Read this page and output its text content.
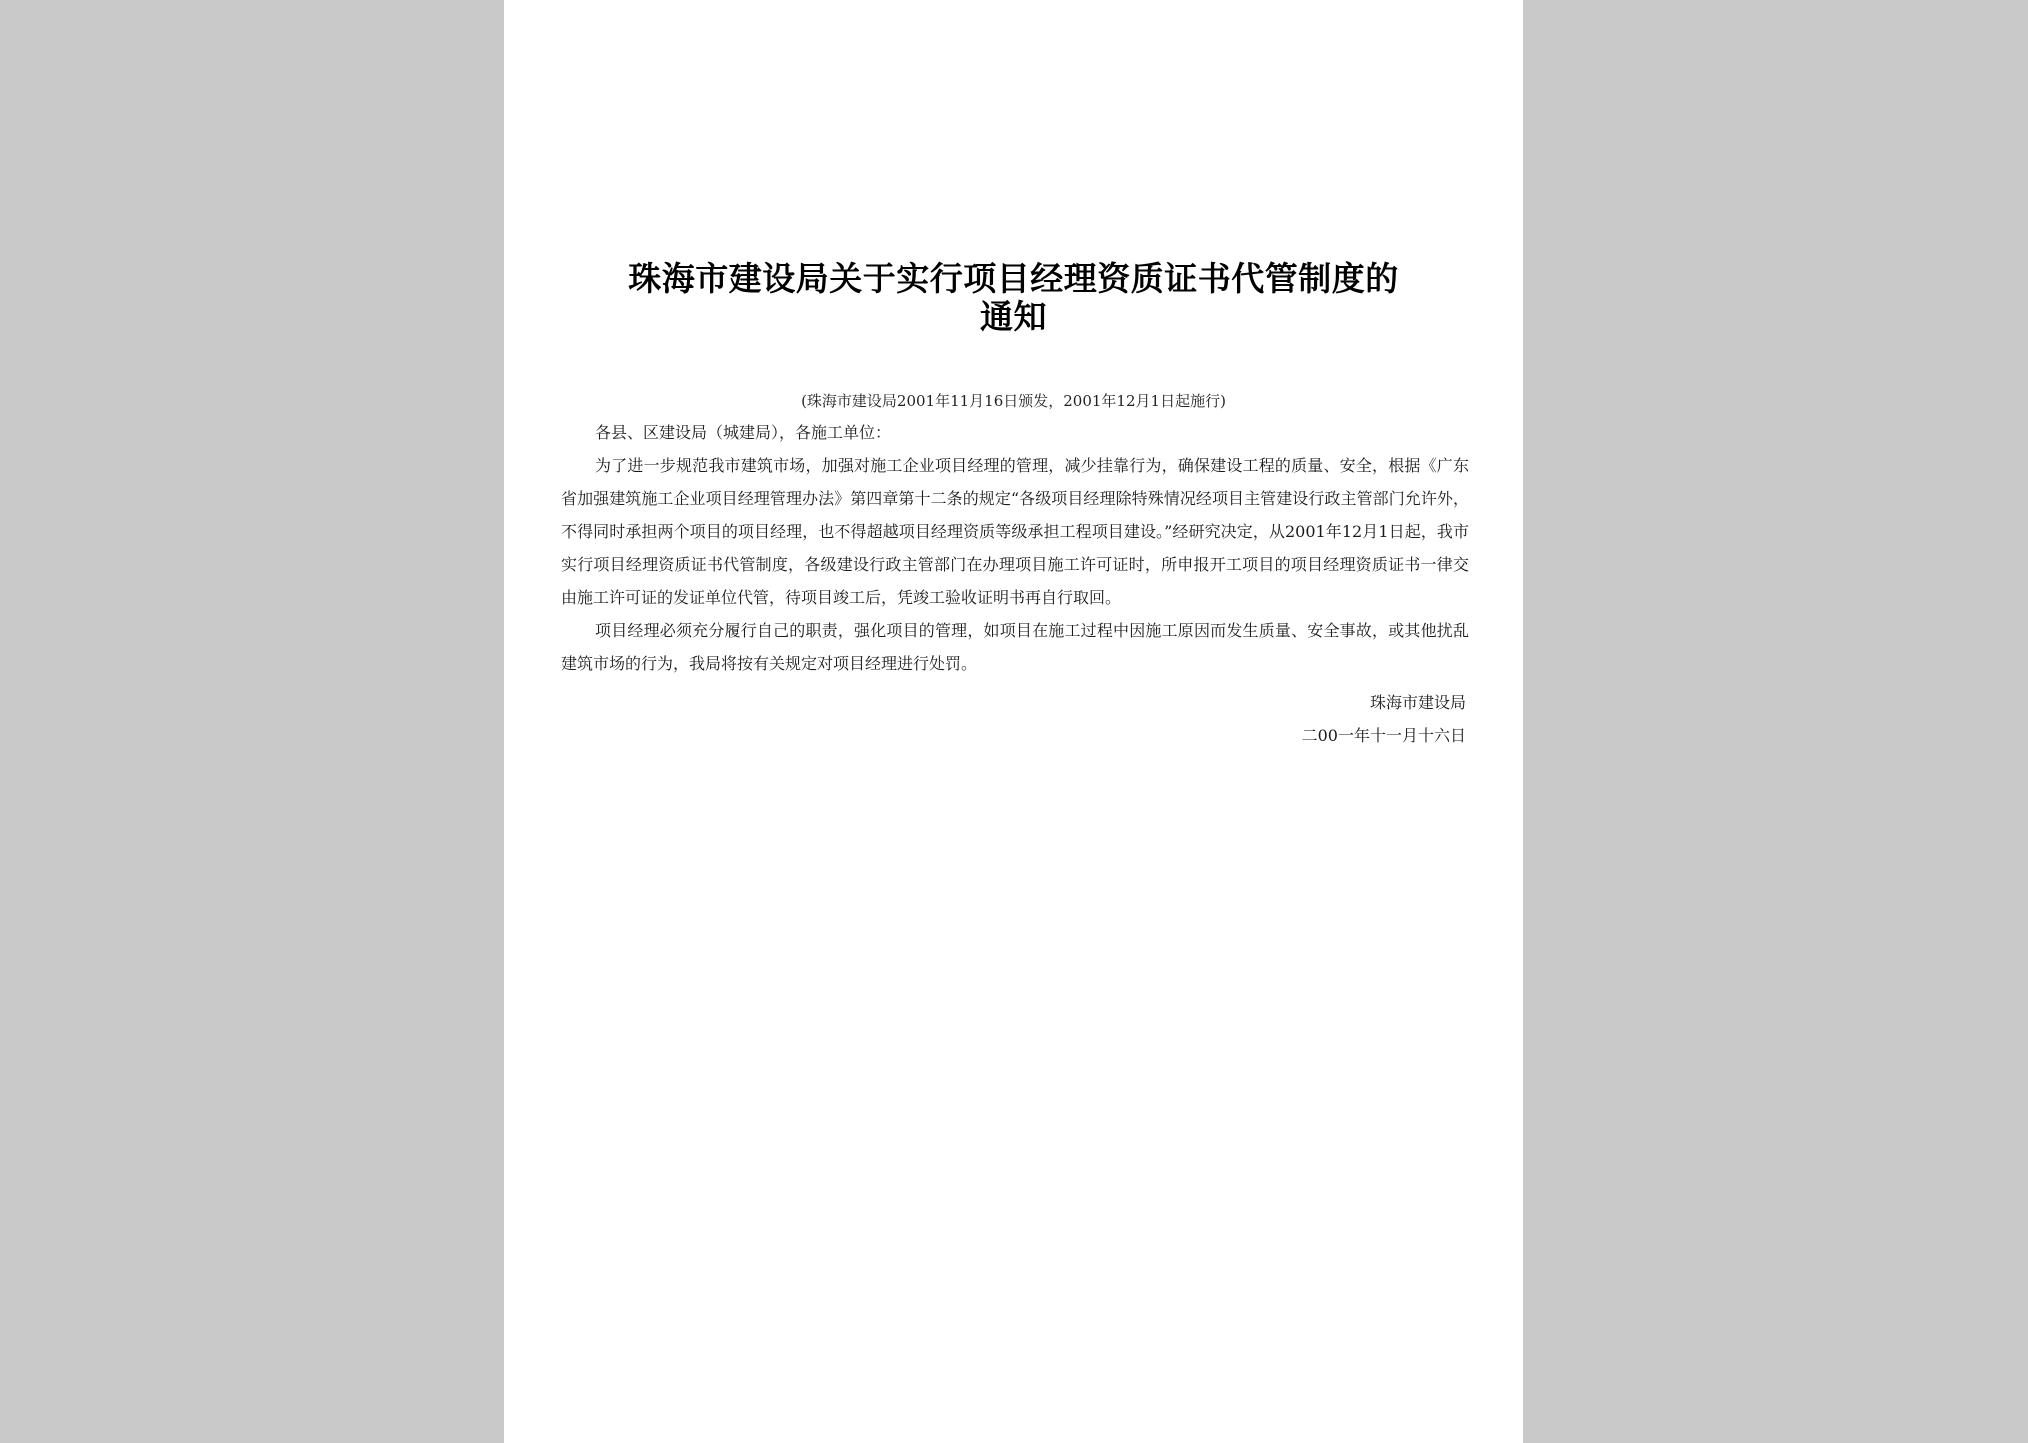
珠海市建设局关于实行项目经理资质证书代管制度的
通知
(珠海市建设局2001年11月16日颁发，2001年12月1日起施行)
各县、区建设局（城建局），各施工单位：
为了进一步规范我市建筑市场，加强对施工企业项目经理的管理，减少挂靠行为，确保建设工程的质量、安全，根据《广东省加强建筑施工企业项目经理管理办法》第四章第十二条的规定“各级项目经理除特殊情况经项目主管建设行政主管部门允许外，不得同时承担两个项目的项目经理，也不得超越项目经理资质等级承担工程项目建设。”经研究决定，从2001年12月1日起，我市实行项目经理资质证书代管制度，各级建设行政主管部门在办理项目施工许可证时，所申报开工项目的项目经理资质证书一律交由施工许可证的发证单位代管，待项目竣工后，凭竣工验收证明书再自行取回。
项目经理必须充分履行自己的职责，强化项目的管理，如项目在施工过程中因施工原因而发生质量、安全事故，或其他扰乱建筑市场的行为，我局将按有关规定对项目经理进行处罚。
珠海市建设局
二00一年十一月十六日
